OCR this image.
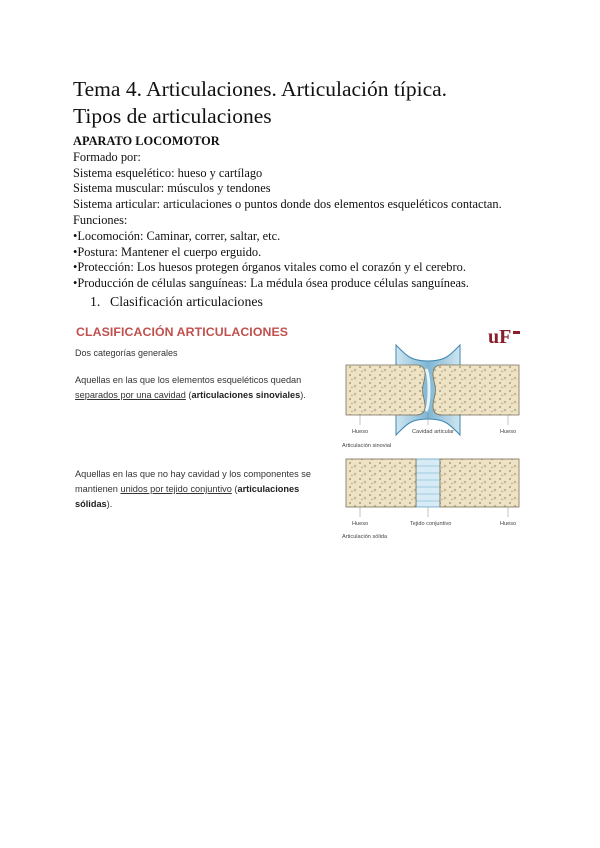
Tema 4. Articulaciones. Articulación típica.
Tipos de articulaciones
APARATO LOCOMOTOR
Formado por:
Sistema esquelético: hueso y cartílago
Sistema muscular: músculos y tendones
Sistema articular: articulaciones o puntos donde dos elementos esqueléticos contactan.
Funciones:
•Locomoción: Caminar, correr, saltar, etc.
•Postura: Mantener el cuerpo erguido.
•Protección: Los huesos protegen órganos vitales como el corazón y el cerebro.
•Producción de células sanguíneas: La médula ósea produce células sanguíneas.
1. Clasificación articulaciones
CLASIFICACIÓN ARTICULACIONES
Dos categorías generales
Aquellas en las que los elementos esqueléticos quedan
separados por una cavidad (articulaciones sinoviales).
Aquellas en las que no hay cavidad y los componentes se
mantienen unidos por tejido conjuntivo (articulaciones sólidas).
uF
Hueso	Cavidad articular	Hueso
Articulación sinovial
Hueso	Tejido conjuntivo	Hueso
Articulación sólida
